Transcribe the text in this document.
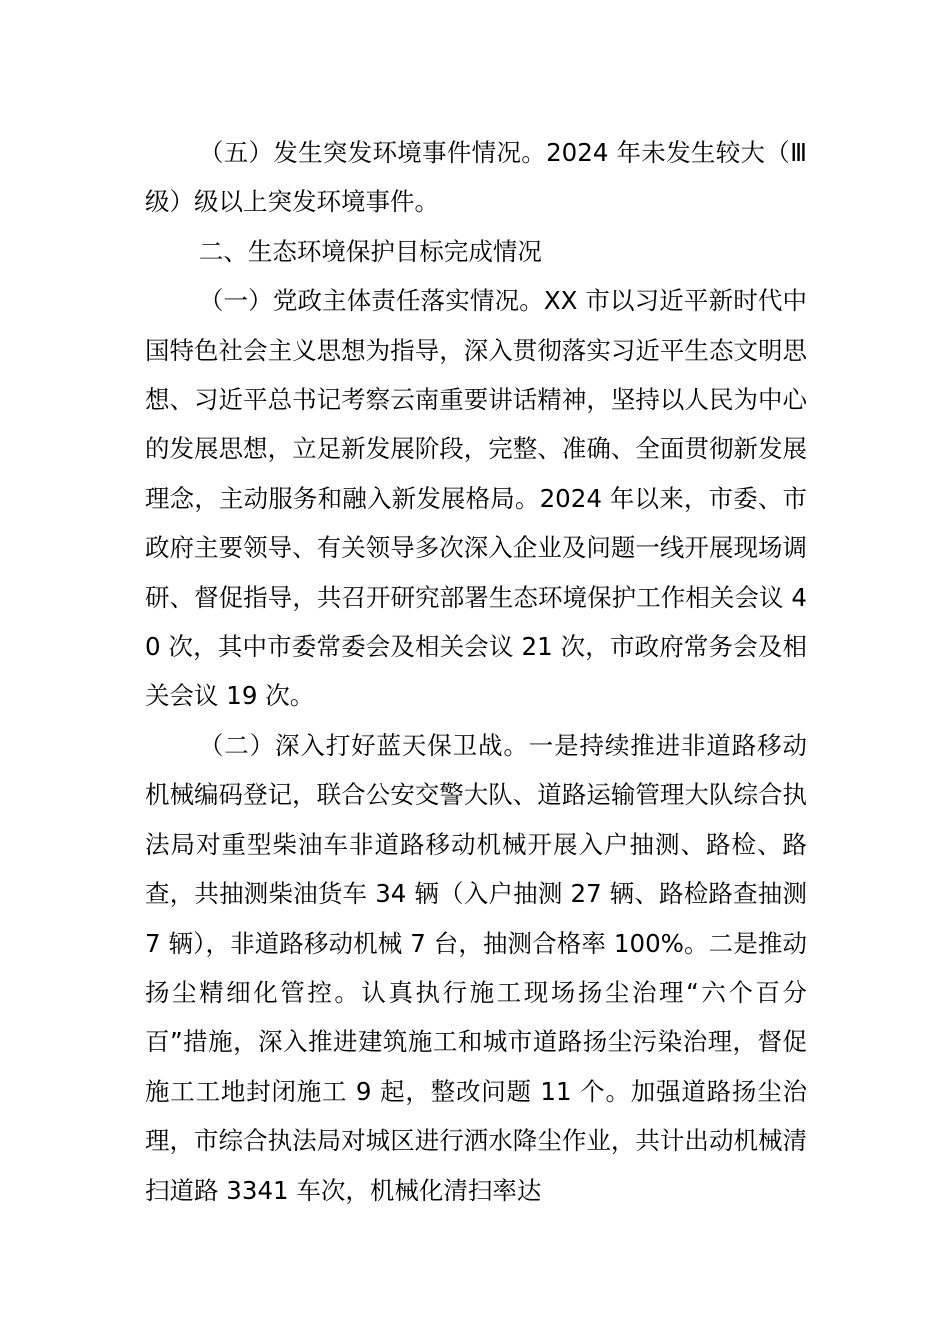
（五）发生突发环境事件情况。2024 年未发生较大（Ⅲ级）级以上突发环境事件。

二、生态环境保护目标完成情况

（一）党政主体责任落实情况。XX 市以习近平新时代中国特色社会主义思想为指导，深入贯彻落实习近平生态文明思想、习近平总书记考察云南重要讲话精神，坚持以人民为中心的发展思想，立足新发展阶段，完整、准确、全面贯彻新发展理念，主动服务和融入新发展格局。2024 年以来，市委、市政府主要领导、有关领导多次深入企业及问题一线开展现场调研、督促指导，共召开研究部署生态环境保护工作相关会议 40 次，其中市委常委会及相关会议 21 次，市政府常务会及相关会议 19 次。

（二）深入打好蓝天保卫战。一是持续推进非道路移动机械编码登记，联合公安交警大队、道路运输管理大队综合执法局对重型柴油车非道路移动机械开展入户抽测、路检、路查，共抽测柴油货车 34 辆（入户抽测 27 辆、路检路查抽测 7 辆），非道路移动机械 7 台，抽测合格率 100%。二是推动扬尘精细化管控。认真执行施工现场扬尘治理“六个百分百”措施，深入推进建筑施工和城市道路扬尘污染治理，督促施工工地封闭施工 9 起，整改问题 11 个。加强道路扬尘治理，市综合执法局对城区进行洒水降尘作业，共计出动机械清扫道路 3341 车次，机械化清扫率达
